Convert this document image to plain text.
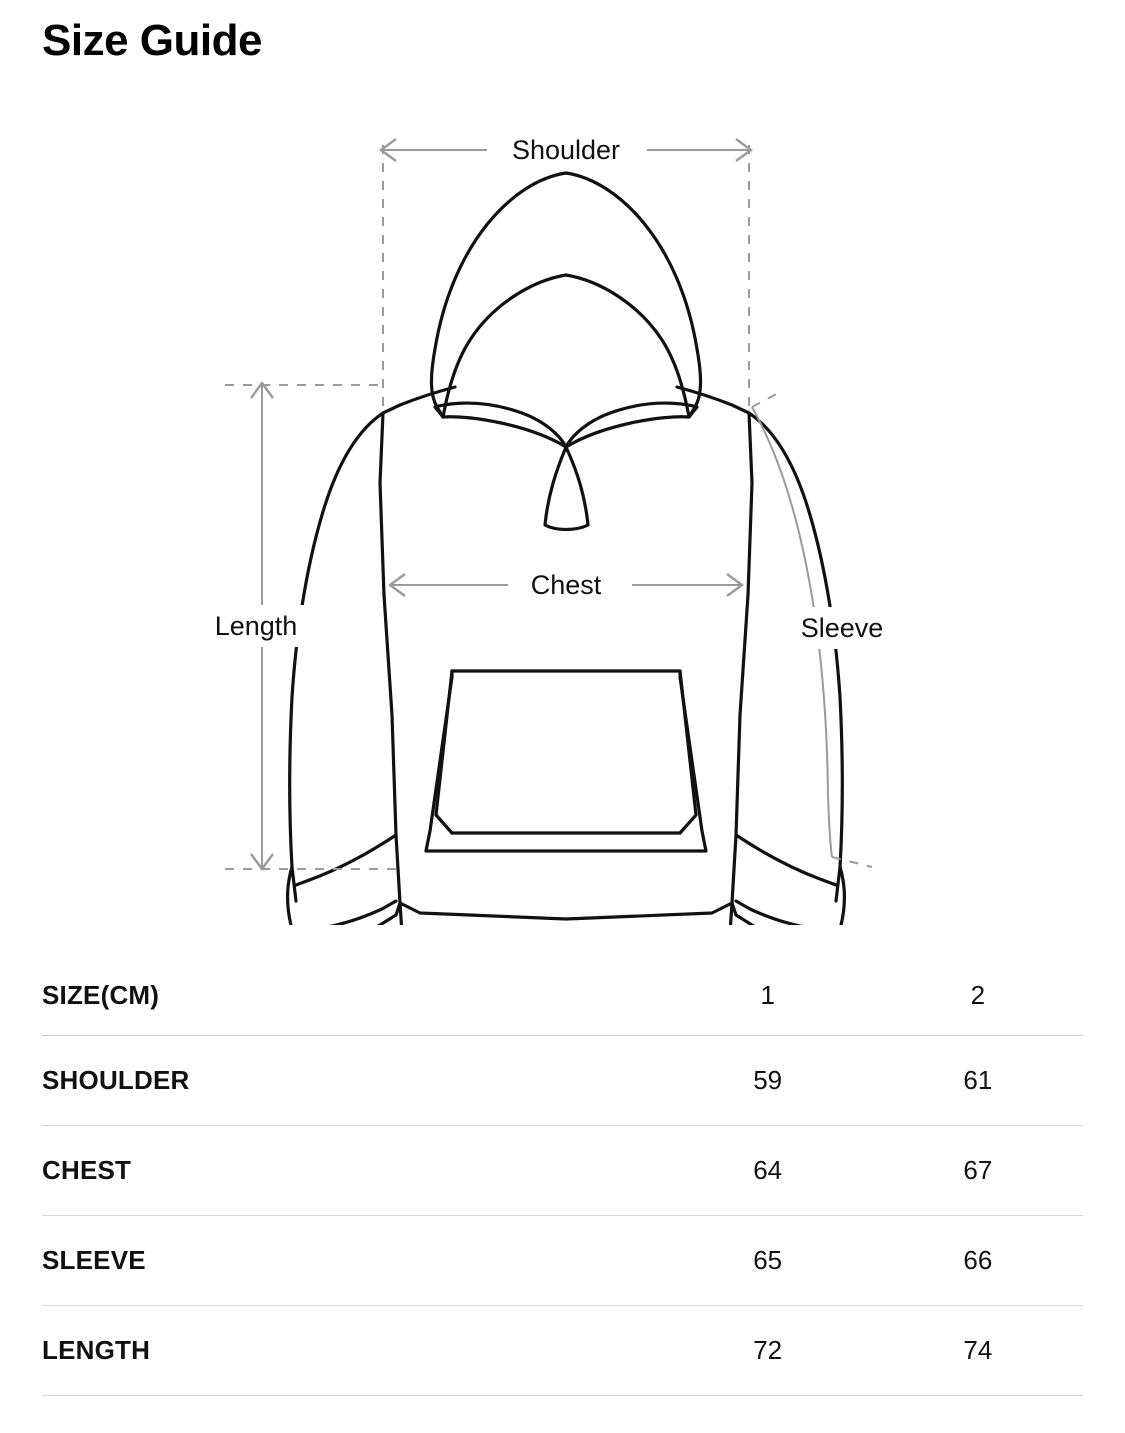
Size Guide
Shoulder
Chest
Length	Sleeve
SIZE(CM)	1	2

SHOULDER	59	61

CHEST	64	67

SLEEVE	65	66

LENGTH	72	74
